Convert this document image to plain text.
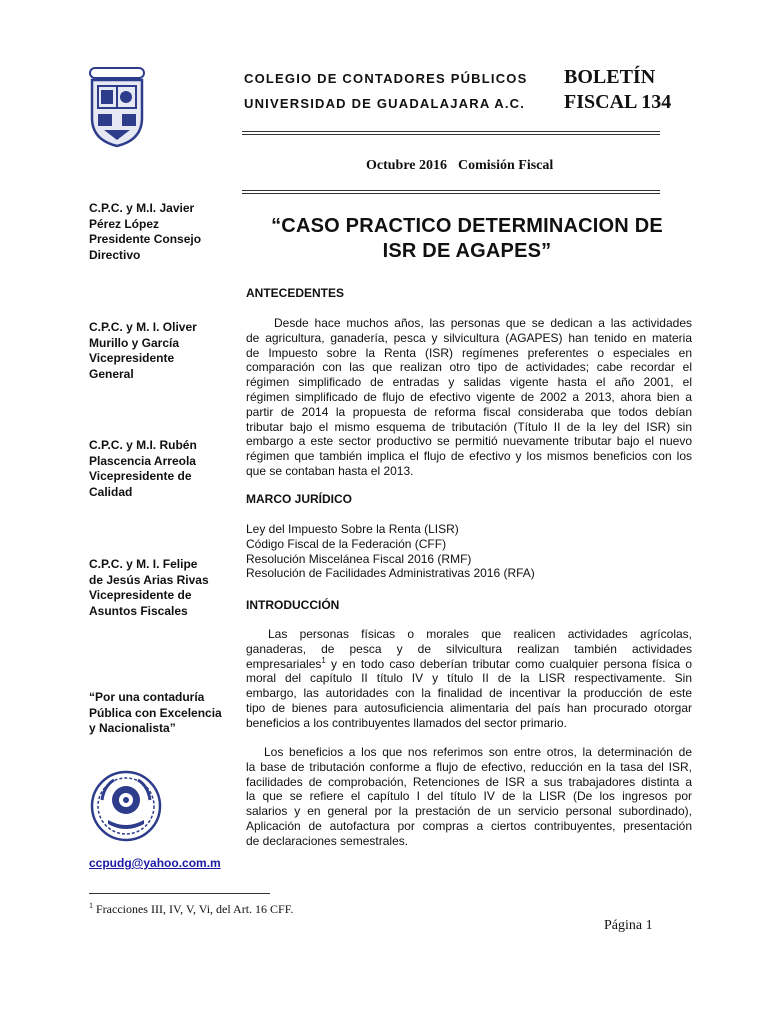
COLEGIO DE CONTADORES PÚBLICOS
UNIVERSIDAD DE GUADALAJARA A.C.
BOLETÍN
FISCAL 134
Octubre 2016 Comisión Fiscal
C.P.C. y M.I. Javier
Pérez López
Presidente Consejo
Directivo
C.P.C. y M. I. Oliver
Murillo y García
Vicepresidente
General
C.P.C. y M.I. Rubén
Plascencia Arreola
Vicepresidente de
Calidad
C.P.C. y M. I. Felipe
de Jesús Arias Rivas
Vicepresidente de
Asuntos Fiscales
“Por una contaduría
Pública con Excelencia
y Nacionalista”
ccpudg@yahoo.com.m
“CASO PRACTICO DETERMINACION DE
ISR DE AGAPES”
ANTECEDENTES
Desde hace muchos años, las personas que se dedican a las actividades
de agricultura, ganadería, pesca y silvicultura (AGAPES) han tenido en materia
de Impuesto sobre la Renta (ISR) regímenes preferentes o especiales en
comparación con las que realizan otro tipo de actividades; cabe recordar el
régimen simplificado de entradas y salidas vigente hasta el año 2001, el
régimen simplificado de flujo de efectivo vigente de 2002 a 2013, ahora bien a
partir de 2014 la propuesta de reforma fiscal consideraba que todos debían
tributar bajo el mismo esquema de tributación (Título II de la ley del ISR) sin
embargo a este sector productivo se permitió nuevamente tributar bajo el nuevo
régimen que también implica el flujo de efectivo y los mismos beneficios con los
que se contaban hasta el 2013.
MARCO JURÍDICO
Ley del Impuesto Sobre la Renta (LISR)
Código Fiscal de la Federación (CFF)
Resolución Miscelánea Fiscal 2016 (RMF)
Resolución de Facilidades Administrativas 2016 (RFA)
INTRODUCCIÓN
Las personas físicas o morales que realicen actividades agrícolas,
ganaderas, de pesca y de silvicultura realizan también actividades
empresariales$^1$ y en todo caso deberían tributar como cualquier persona física o
moral del capítulo II título IV y título II de la LISR respectivamente. Sin
embargo, las autoridades con la finalidad de incentivar la producción de este
tipo de bienes para autosuficiencia alimentaria del país han procurado otorgar
beneficios a los contribuyentes llamados del sector primario.
Los beneficios a los que nos referimos son entre otros, la determinación de
la base de tributación conforme a flujo de efectivo, reducción en la tasa del ISR,
facilidades de comprobación, Retenciones de ISR a sus trabajadores distinta a
la que se refiere el capítulo I del título IV de la LISR (De los ingresos por
salarios y en general por la prestación de un servicio personal subordinado),
Aplicación de autofactura por compras a ciertos contribuyentes, presentación
de declaraciones semestrales.
$^1$ Fracciones III, IV, V, Vi, del Art. 16 CFF.
Página 1
